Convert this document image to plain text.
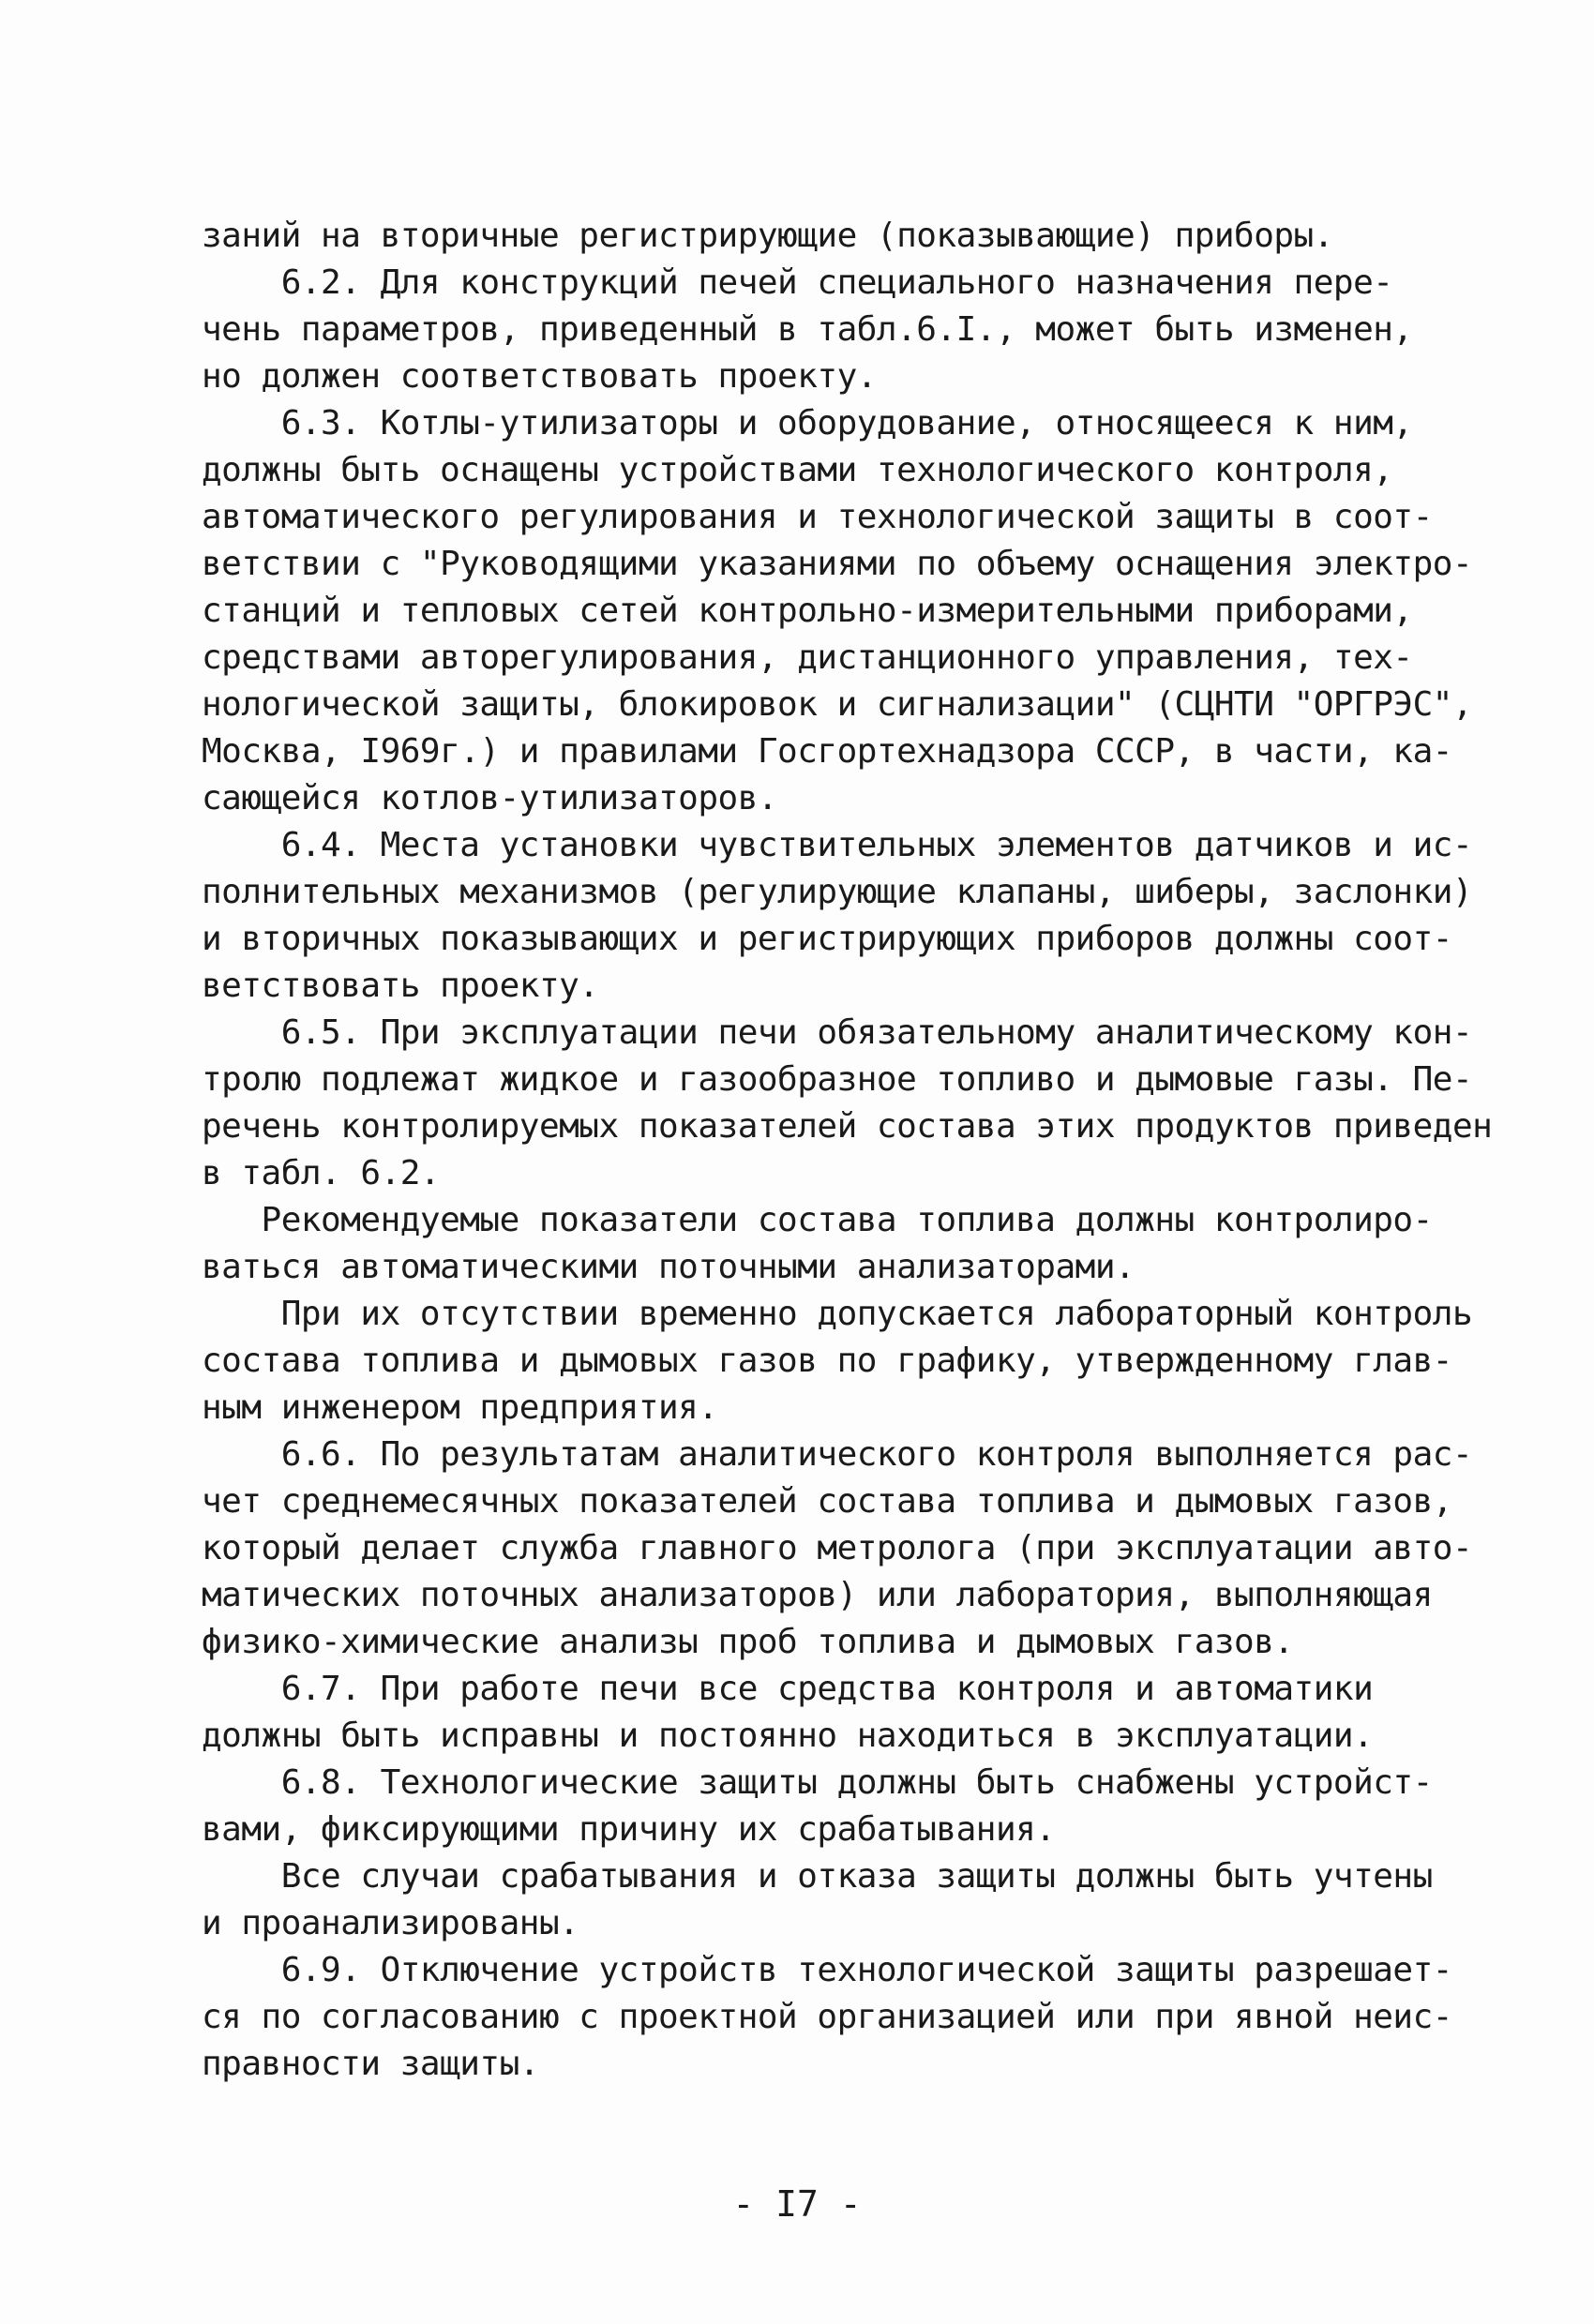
заний на вторичные регистрирующие (показывающие) приборы.
6.2. Для конструкций печей специального назначения пере-
чень параметров, приведенный в табл.6.I., может быть изменен,
но должен соответствовать проекту.
6.3. Котлы-утилизаторы и оборудование, относящееся к ним,
должны быть оснащены устройствами технологического контроля,
автоматического регулирования и технологической защиты в соот-
ветствии с "Руководящими указаниями по объему оснащения электро-
станций и тепловых сетей контрольно-измерительными приборами,
средствами авторегулирования, дистанционного управления, тех-
нологической защиты, блокировок и сигнализации" (СЦНТИ "ОРГРЭС",
Москва, I969г.) и правилами Госгортехнадзора СССР, в части, ка-
сающейся котлов-утилизаторов.
6.4. Места установки чувствительных элементов датчиков и ис-
полнительных механизмов (регулирующие клапаны, шиберы, заслонки)
и вторичных показывающих и регистрирующих приборов должны соот-
ветствовать проекту.
6.5. При эксплуатации печи обязательному аналитическому кон-
тролю подлежат жидкое и газообразное топливо и дымовые газы. Пе-
речень контролируемых показателей состава этих продуктов приведен
в табл. 6.2.
Рекомендуемые показатели состава топлива должны контролиро-
ваться автоматическими поточными анализаторами.
При их отсутствии временно допускается лабораторный контроль
состава топлива и дымовых газов по графику, утвержденному глав-
ным инженером предприятия.
6.6. По результатам аналитического контроля выполняется рас-
чет среднемесячных показателей состава топлива и дымовых газов,
который делает служба главного метролога (при эксплуатации авто-
матических поточных анализаторов) или лаборатория, выполняющая
физико-химические анализы проб топлива и дымовых газов.
6.7. При работе печи все средства контроля и автоматики
должны быть исправны и постоянно находиться в эксплуатации.
6.8. Технологические защиты должны быть снабжены устройст-
вами, фиксирующими причину их срабатывания.
Все случаи срабатывания и отказа защиты должны быть учтены
и проанализированы.
6.9. Отключение устройств технологической защиты разрешает-
ся по согласованию с проектной организацией или при явной неис-
правности защиты.
- I7 -
